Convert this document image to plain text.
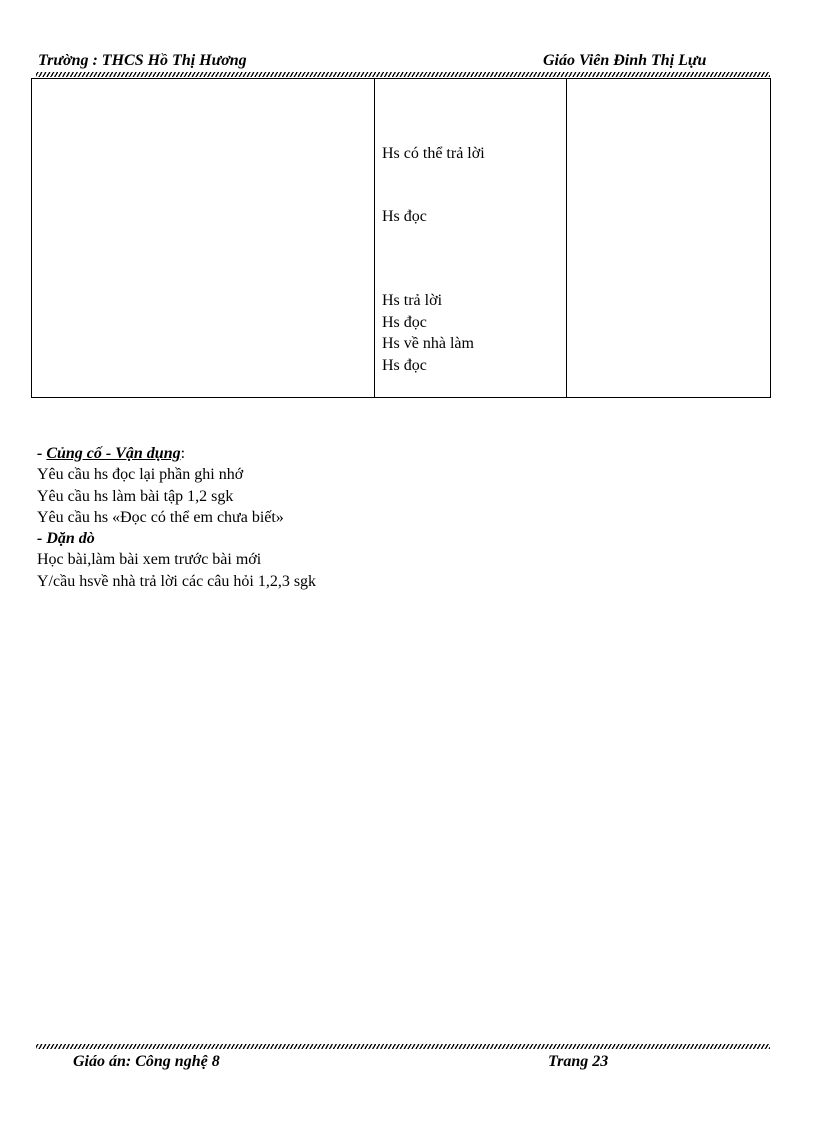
Trường : THCS Hồ Thị Hương	Giáo Viên Đinh Thị Lựu
Hs có thể trả lời
Hs đọc
Hs trả lời
Hs đọc
Hs về nhà làm
Hs đọc
- Củng cố - Vận dụng:
Yêu cầu hs đọc lại phần ghi nhớ
Yêu cầu hs làm bài tập 1,2 sgk
Yêu cầu hs «Đọc có thể em chưa biết»
- Dặn dò
Học bài,làm bài xem trước bài mới
Y/cầu hsvề nhà trả lời các câu hỏi 1,2,3 sgk
Giáo án: Công nghệ 8	Trang 23
